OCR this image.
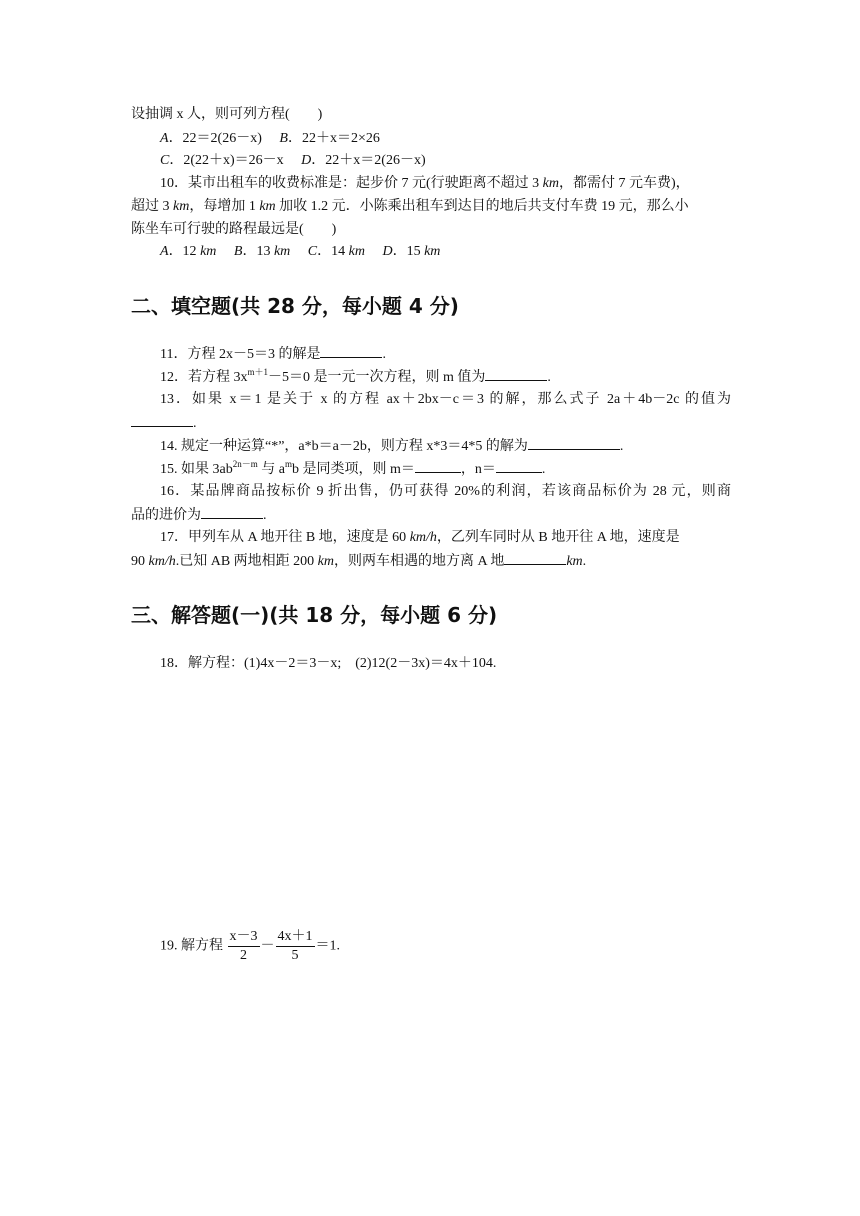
设抽调 x 人，则可列方程(　　)
A．22＝2(26－x)　 B．22＋x＝2×26
C．2(22＋x)＝26－x　 D．22＋x＝2(26－x)
10．某市出租车的收费标准是：起步价 7 元(行驶距离不超过 3 km，都需付 7 元车费)，
超过 3 km，每增加 1 km 加收 1.2 元．小陈乘出租车到达目的地后共支付车费 19 元，那么小
陈坐车可行驶的路程最远是(　　)
A．12 km　 B．13 km　 C．14 km　 D．15 km
二、填空题(共 28 分，每小题 4 分)
11．方程 2x－5＝3 的解是	.
12．若方程 $3x^{m+1}-5=0$ 是一元一次方程，则 m 值为	.
13．如果 x＝1 是关于 x 的方程 ax＋2bx－c＝3 的解，那么式子 2a＋4b－2c 的值为
.
14. 规定一种运算“*”，a*b＝a－2b，则方程 x*3＝4*5 的解为	.
15. 如果 $3ab^{2n-m}$ 与 $a^mb$ 是同类项，则 m＝	，n＝	.
16．某品牌商品按标价 9 折出售，仍可获得 20%的利润，若该商品标价为 28 元，则商
品的进价为	.
17．甲列车从 A 地开往 B 地，速度是 60 km/h，乙列车同时从 B 地开往 A 地，速度是
90 km/h.已知 AB 两地相距 200 km，则两车相遇的地方离 A 地	km.
三、解答题(一)(共 18 分，每小题 6 分)
18．解方程：(1)4x－2＝3－x;　(2)12(2－3x)＝4x＋104.
19. 解方程 $\frac{x-3}{2} - \frac{4x+1}{5} =1$.
